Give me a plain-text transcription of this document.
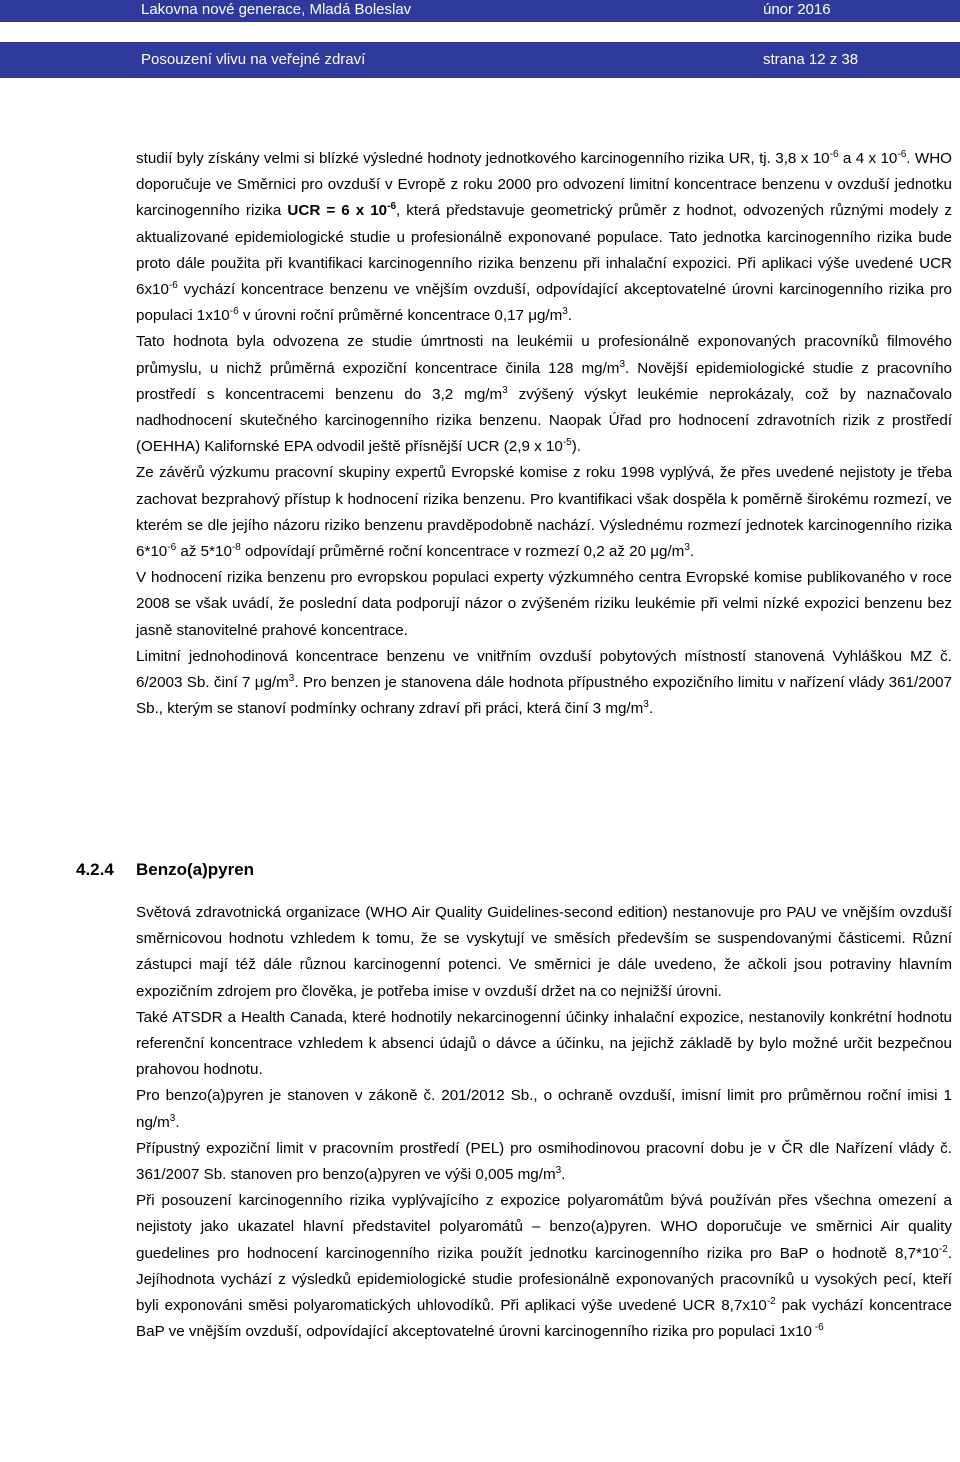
Lakovna nové generace, Mladá Boleslav	únor 2016
Posouzení vlivu na veřejné zdraví	strana 12 z 38

studií byly získány velmi si blízké výsledné hodnoty jednotkového karcinogenního rizika UR, tj. 3,8 x $10^{-6}$ a 4 x $10^{-6}$. WHO doporučuje ve Směrnici pro ovzduší v Evropě z roku 2000 pro odvození limitní koncentrace benzenu v ovzduší jednotku karcinogenního rizika UCR = 6 x $10^{-6}$, která představuje geometrický průměr z hodnot, odvozených různými modely z aktualizované epidemiologické studie u profesionálně exponované populace. Tato jednotka karcinogenního rizika bude proto dále použita při kvantifikaci karcinogenního rizika benzenu při inhalační expozici. Při aplikaci výše uvedené UCR $6x10^{-6}$ vychází koncentrace benzenu ve vnějším ovzduší, odpovídající akceptovatelné úrovni karcinogenního rizika pro populaci $1x10^{-6}$ v úrovni roční průměrné koncentrace 0,17 $\mu g/m^3$.

Tato hodnota byla odvozena ze studie úmrtnosti na leukémii u profesionálně exponovaných pracovníků filmového průmyslu, u nichž průměrná expoziční koncentrace činila 128 $mg/m^3$. Novější epidemiologické studie z pracovního prostředí s koncentracemi benzenu do 3,2 $mg/m^3$ zvýšený výskyt leukémie neprokázaly, což by naznačovalo nadhodnocení skutečného karcinogenního rizika benzenu. Naopak Úřad pro hodnocení zdravotních rizik z prostředí (OEHHA) Kalifornské EPA odvodil ještě přísnější UCR (2,9 x $10^{-5}$).

Ze závěrů výzkumu pracovní skupiny expertů Evropské komise z roku 1998 vyplývá, že přes uvedené nejistoty je třeba zachovat bezprahový přístup k hodnocení rizika benzenu. Pro kvantifikaci však dospěla k poměrně širokému rozmezí, ve kterém se dle jejího názoru riziko benzenu pravděpodobně nachází. Výslednému rozmezí jednotek karcinogenního rizika $6*10^{-6}$ až $5*10^{-8}$ odpovídají průměrné roční koncentrace v rozmezí 0,2 až 20 $\mu g/m^3$.

V hodnocení rizika benzenu pro evropskou populaci experty výzkumného centra Evropské komise publikovaného v roce 2008 se však uvádí, že poslední data podporují názor o zvýšeném riziku leukémie při velmi nízké expozici benzenu bez jasně stanovitelné prahové koncentrace.

Limitní jednohodinová koncentrace benzenu ve vnitřním ovzduší pobytových místností stanovená Vyhláškou MZ č. 6/2003 Sb. činí 7 $\mu g/m^3$. Pro benzen je stanovena dále hodnota přípustného expozičního limitu v nařízení vlády 361/2007 Sb., kterým se stanoví podmínky ochrany zdraví při práci, která činí 3 $mg/m^3$.

4.2.4 Benzo(a)pyren

Světová zdravotnická organizace (WHO Air Quality Guidelines-second edition) nestanovuje pro PAU ve vnějším ovzduší směrnicovou hodnotu vzhledem k tomu, že se vyskytují ve směsích především se suspendovanými částicemi. Různí zástupci mají též dále různou karcinogenní potenci. Ve směrnici je dále uvedeno, že ačkoli jsou potraviny hlavním expozičním zdrojem pro člověka, je potřeba imise v ovzduší držet na co nejnižší úrovni.

Také ATSDR a Health Canada, které hodnotily nekarcinogenní účinky inhalační expozice, nestanovily konkrétní hodnotu referenční koncentrace vzhledem k absenci údajů o dávce a účinku, na jejichž základě by bylo možné určit bezpečnou prahovou hodnotu.

Pro benzo(a)pyren je stanoven v zákoně č. 201/2012 Sb., o ochraně ovzduší, imisní limit pro průměrnou roční imisi 1 $ng/m^3$.

Přípustný expoziční limit v pracovním prostředí (PEL) pro osmihodinovou pracovní dobu je v ČR dle Nařízení vlády č. 361/2007 Sb. stanoven pro benzo(a)pyren ve výši 0,005 $mg/m^3$.

Při posouzení karcinogenního rizika vyplývajícího z expozice polyaromátům bývá používán přes všechna omezení a nejistoty jako ukazatel hlavní představitel polyaromátů – benzo(a)pyren. WHO doporučuje ve směrnici Air quality guedelines pro hodnocení karcinogenního rizika použít jednotku karcinogenního rizika pro BaP o hodnotě $8,7*10^{-2}$. Jejíhodnota vychází z výsledků epidemiologické studie profesionálně exponovaných pracovníků u vysokých pecí, kteří byli exponováni směsi polyaromatických uhlovodíků. Při aplikaci výše uvedené UCR $8,7x10^{-2}$ pak vychází koncentrace BaP ve vnějším ovzduší, odpovídající akceptovatelné úrovni karcinogenního rizika pro populaci 1x10 $^{-6}$
